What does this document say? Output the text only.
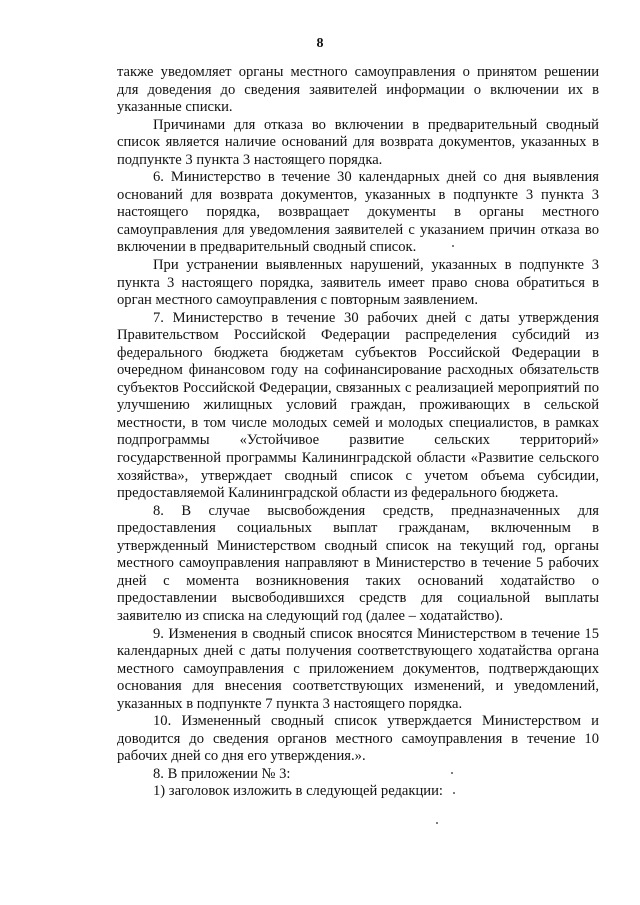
8

также уведомляет органы местного самоуправления о принятом решении для доведения до сведения заявителей информации о включении их в указанные списки.

Причинами для отказа во включении в предварительный сводный список является наличие оснований для возврата документов, указанных в подпункте 3 пункта 3 настоящего порядка.

6. Министерство в течение 30 календарных дней со дня выявления оснований для возврата документов, указанных в подпункте 3 пункта 3 настоящего порядка, возвращает документы в органы местного самоуправления для уведомления заявителей с указанием причин отказа во включении в предварительный сводный список.

При устранении выявленных нарушений, указанных в подпункте 3 пункта 3 настоящего порядка, заявитель имеет право снова обратиться в орган местного самоуправления с повторным заявлением.

7. Министерство в течение 30 рабочих дней с даты утверждения Правительством Российской Федерации распределения субсидий из федерального бюджета бюджетам субъектов Российской Федерации в очередном финансовом году на софинансирование расходных обязательств субъектов Российской Федерации, связанных с реализацией мероприятий по улучшению жилищных условий граждан, проживающих в сельской местности, в том числе молодых семей и молодых специалистов, в рамках подпрограммы «Устойчивое развитие сельских территорий» государственной программы Калининградской области «Развитие сельского хозяйства», утверждает сводный список с учетом объема субсидии, предоставляемой Калининградской области из федерального бюджета.

8. В случае высвобождения средств, предназначенных для предоставления социальных выплат гражданам, включенным в утвержденный Министерством сводный список на текущий год, органы местного самоуправления направляют в Министерство в течение 5 рабочих дней с момента возникновения таких оснований ходатайство о предоставлении высвободившихся средств для социальной выплаты заявителю из списка на следующий год (далее – ходатайство).

9. Изменения в сводный список вносятся Министерством в течение 15 календарных дней с даты получения соответствующего ходатайства органа местного самоуправления с приложением документов, подтверждающих основания для внесения соответствующих изменений, и уведомлений, указанных в подпункте 7 пункта 3 настоящего порядка.

10. Измененный сводный список утверждается Министерством и доводится до сведения органов местного самоуправления в течение 10 рабочих дней со дня его утверждения.».

8. В приложении № 3:

1) заголовок изложить в следующей редакции:
